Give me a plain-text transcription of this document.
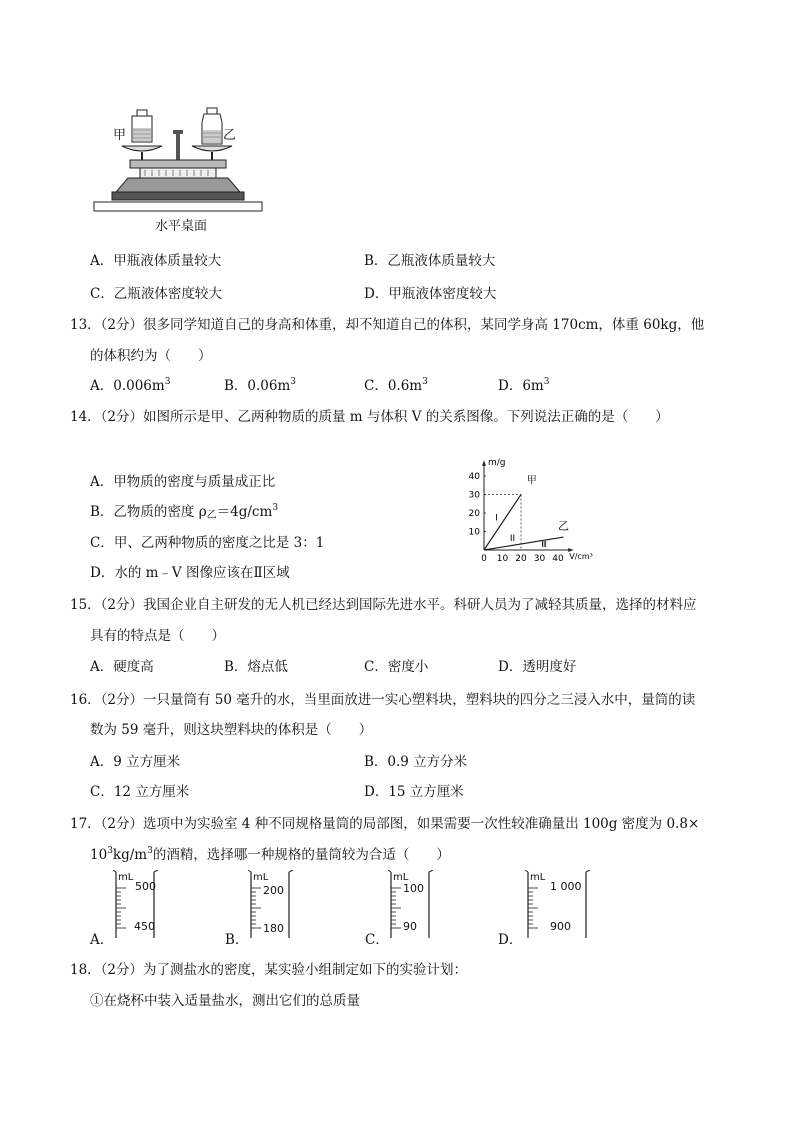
甲	乙
水平桌面
A．甲瓶液体质量较大	B．乙瓶液体质量较大
C．乙瓶液体密度较大	D．甲瓶液体密度较大
13．（2分）很多同学知道自己的身高和体重，却不知道自己的体积，某同学身高 170cm，体重 60kg，他
的体积约为（　　）
A．$0.006m^3$	B．$0.06m^3$	C．$0.6m^3$	D．$6m^3$
14．（2分）如图所示是甲、乙两种物质的质量 m 与体积 V 的关系图像。下列说法正确的是（　　）
A．甲物质的密度与质量成正比
B．乙物质的密度 ρ乙$=4g/cm^3$
C．甲、乙两种物质的密度之比是 3：1
D．水的 m﹣V 图像应该在Ⅱ区域
10
20
30
40
0 10 20 30 40
m/g
V/cm³
甲
乙
I
II
Ⅲ
15．（2分）我国企业自主研发的无人机已经达到国际先进水平。科研人员为了减轻其质量，选择的材料应
具有的特点是（　　）
A．硬度高	B．熔点低	C．密度小	D．透明度好
16．（2分）一只量筒有 50 毫升的水，当里面放进一实心塑料块，塑料块的四分之三浸入水中，量筒的读
数为 59 毫升，则这块塑料块的体积是（　　）
A．9 立方厘米	B．0.9 立方分米
C．12 立方厘米	D．15 立方厘米
17．（2分）选项中为实验室 4 种不同规格量筒的局部图，如果需要一次性较准确量出 100g 密度为 0.8×
$10^3kg/m^3$的酒精，选择哪一种规格的量筒较为合适（　　）
A．
mL
500
450
B．
mL
200
180
C．
mL
100
90
D．
mL
1 000
900
18．（2分）为了测盐水的密度，某实验小组制定如下的实验计划：
①在烧杯中装入适量盐水，测出它们的总质量
